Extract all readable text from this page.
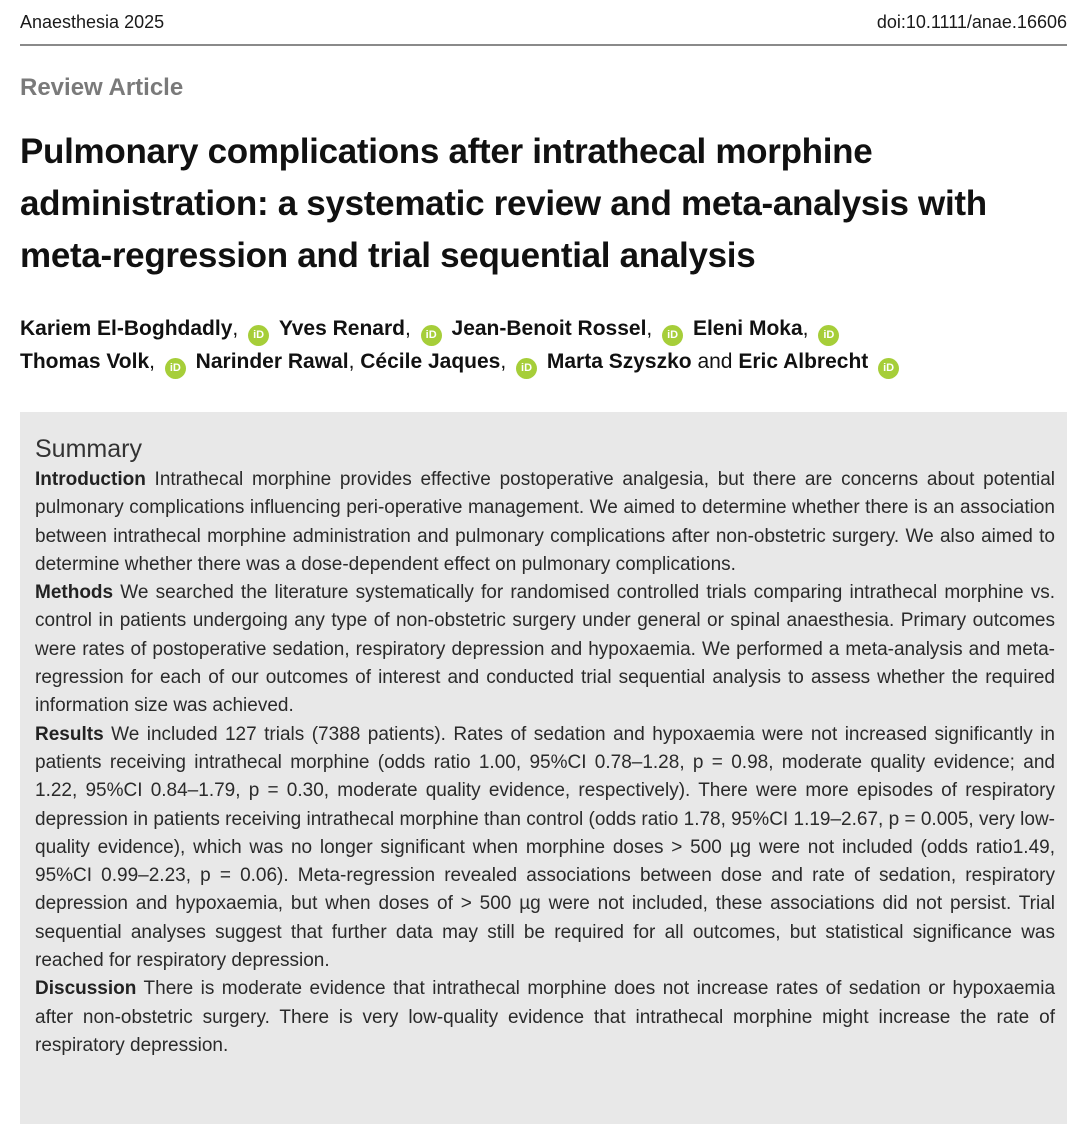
Anaesthesia 2025	doi:10.1111/anae.16606
Review Article
Pulmonary complications after intrathecal morphine administration: a systematic review and meta-analysis with meta-regression and trial sequential analysis
Kariem El-Boghdadly, iD Yves Renard, iD Jean-Benoit Rossel, iD Eleni Moka, iD
Thomas Volk, iD Narinder Rawal, Cécile Jaques, iD Marta Szyszko and Eric Albrecht iD
Summary

Introduction Intrathecal morphine provides effective postoperative analgesia, but there are concerns about potential pulmonary complications influencing peri-operative management. We aimed to determine whether there is an association between intrathecal morphine administration and pulmonary complications after non-obstetric surgery. We also aimed to determine whether there was a dose-dependent effect on pulmonary complications.

Methods We searched the literature systematically for randomised controlled trials comparing intrathecal morphine vs. control in patients undergoing any type of non-obstetric surgery under general or spinal anaesthesia. Primary outcomes were rates of postoperative sedation, respiratory depression and hypoxaemia. We performed a meta-analysis and meta-regression for each of our outcomes of interest and conducted trial sequential analysis to assess whether the required information size was achieved.

Results We included 127 trials (7388 patients). Rates of sedation and hypoxaemia were not increased significantly in patients receiving intrathecal morphine (odds ratio 1.00, 95%CI 0.78–1.28, p = 0.98, moderate quality evidence; and 1.22, 95%CI 0.84–1.79, p = 0.30, moderate quality evidence, respectively). There were more episodes of respiratory depression in patients receiving intrathecal morphine than control (odds ratio 1.78, 95%CI 1.19–2.67, p = 0.005, very low-quality evidence), which was no longer significant when morphine doses > 500 µg were not included (odds ratio1.49, 95%CI 0.99–2.23, p = 0.06). Meta-regression revealed associations between dose and rate of sedation, respiratory depression and hypoxaemia, but when doses of > 500 µg were not included, these associations did not persist. Trial sequential analyses suggest that further data may still be required for all outcomes, but statistical significance was reached for respiratory depression.

Discussion There is moderate evidence that intrathecal morphine does not increase rates of sedation or hypoxaemia after non-obstetric surgery. There is very low-quality evidence that intrathecal morphine might increase the rate of respiratory depression.
